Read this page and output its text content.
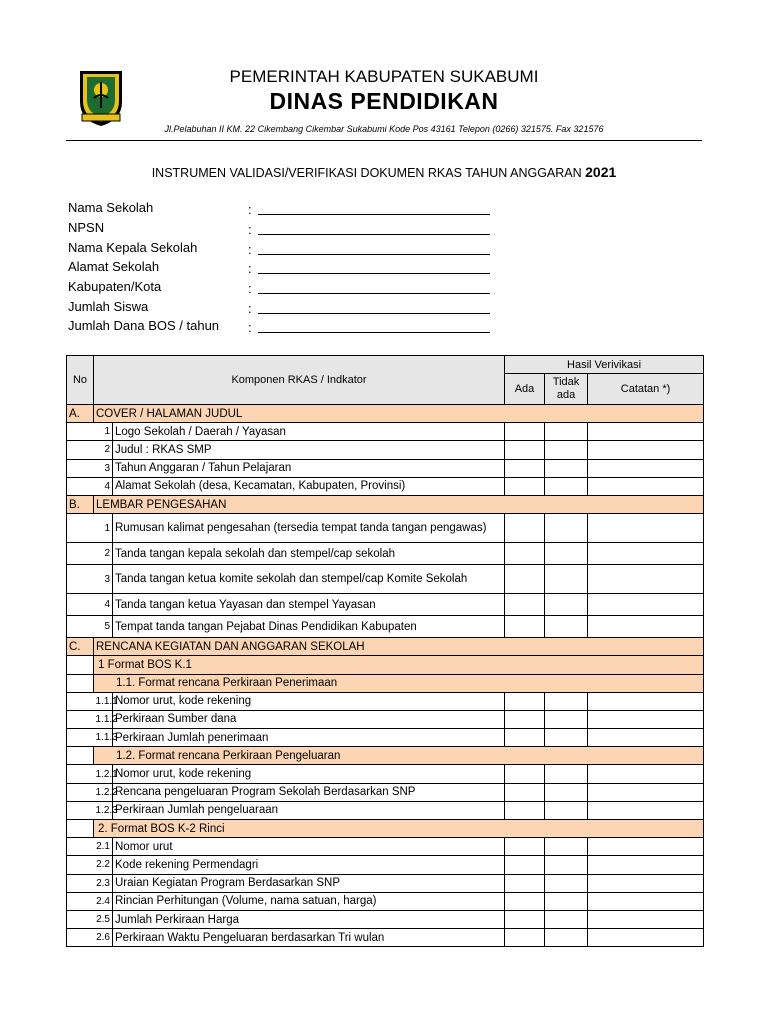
PEMERINTAH KABUPATEN SUKABUMI
DINAS PENDIDIKAN
Jl.Pelabuhan II KM. 22 Cikembang Cikembar Sukabumi Kode Pos 43161 Telepon (0266) 321575. Fax 321576
INSTRUMEN VALIDASI/VERIFIKASI DOKUMEN RKAS TAHUN ANGGARAN 2021
Nama Sekolah	:
NPSN	:
Nama Kepala Sekolah	:
Alamat Sekolah	:
Kabupaten/Kota	:
Jumlah Siswa	:
Jumlah Dana BOS / tahun :
No	Komponen RKAS / Indkator		Hasil Verivikasi		
			Ada	Tidak ada	Catatan *)
A.	COVER / HALAMAN JUDUL				
	1	Logo Sekolah / Daerah / Yayasan			
	2	Judul : RKAS SMP			
	3	Tahun Anggaran / Tahun Pelajaran			
	4	Alamat Sekolah (desa, Kecamatan, Kabupaten, Provinsi)			
B.	LEMBAR PENGESAHAN				
	1	Rumusan kalimat pengesahan (tersedia tempat tanda tangan pengawas)			
	2	Tanda tangan kepala sekolah dan stempel/cap sekolah			
	3	Tanda tangan ketua komite sekolah dan stempel/cap Komite Sekolah			
	4	Tanda tangan ketua Yayasan dan stempel Yayasan			
	5	Tempat tanda tangan Pejabat Dinas Pendidikan Kabupaten			
C.	RENCANA KEGIATAN DAN ANGGARAN SEKOLAH				
	1 Format BOS K.1				
	1.1. Format rencana Perkiraan Penerimaan				
	1.1.1	Nomor urut, kode rekening			
	1.1.2	Perkiraan Sumber dana			
	1.1.3	Perkiraan Jumlah penerimaan			
	1.2. Format rencana Perkiraan Pengeluaran				
	1.2.1	Nomor urut, kode rekening			
	1.2.2	Rencana pengeluaran Program Sekolah Berdasarkan SNP			
	1.2.3	Perkiraan Jumlah pengeluaraan			
	2. Format BOS K-2 Rinci				
	2.1	Nomor urut			
	2.2	Kode rekening Permendagri			
	2.3	Uraian Kegiatan Program Berdasarkan SNP			
	2.4	Rincian Perhitungan (Volume, nama satuan, harga)			
	2.5	Jumlah Perkiraan Harga			
	2.6	Perkiraan Waktu Pengeluaran berdasarkan Tri wulan			
